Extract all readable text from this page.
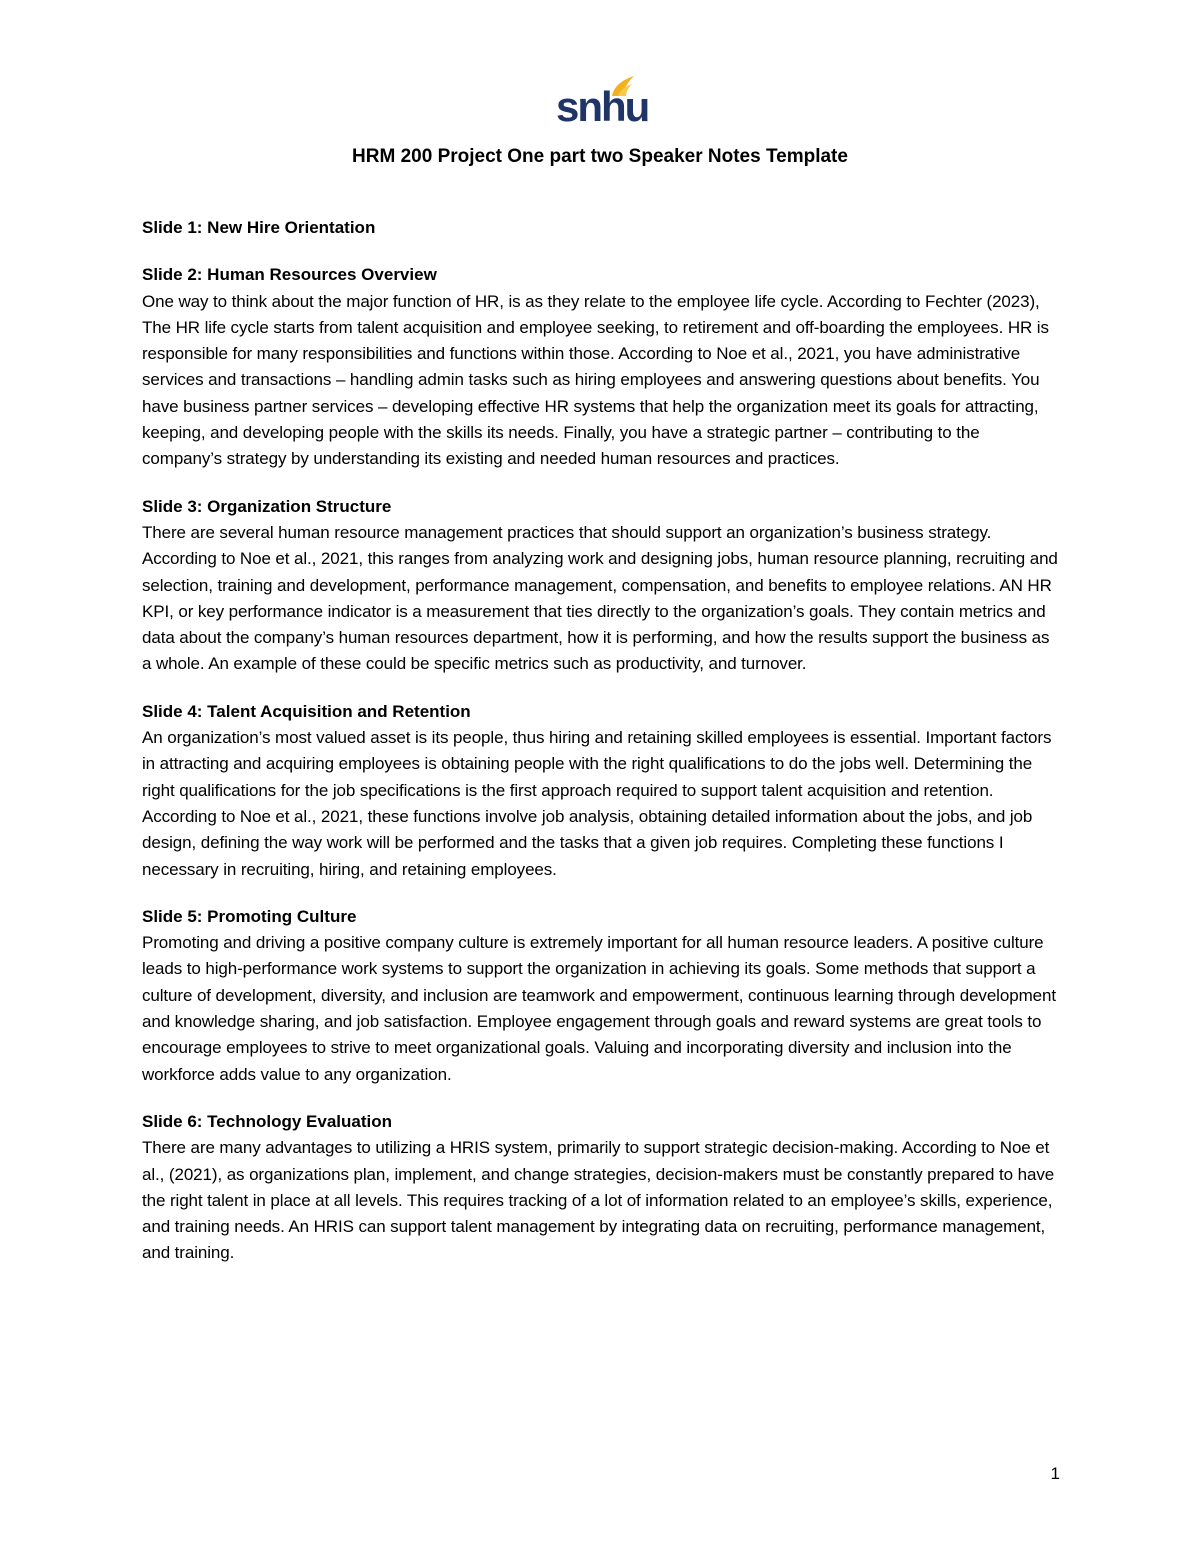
snhu
HRM 200 Project One part two Speaker Notes Template

Slide 1: New Hire Orientation

Slide 2: Human Resources Overview

One way to think about the major function of HR, is as they relate to the employee life cycle. According to Fechter (2023), The HR life cycle starts from talent acquisition and employee seeking, to retirement and off-boarding the employees. HR is responsible for many responsibilities and functions within those. According to Noe et al., 2021, you have administrative services and transactions – handling admin tasks such as hiring employees and answering questions about benefits. You have business partner services – developing effective HR systems that help the organization meet its goals for attracting, keeping, and developing people with the skills its needs. Finally, you have a strategic partner – contributing to the company’s strategy by understanding its existing and needed human resources and practices.

Slide 3: Organization Structure

There are several human resource management practices that should support an organization’s business strategy. According to Noe et al., 2021, this ranges from analyzing work and designing jobs, human resource planning, recruiting and selection, training and development, performance management, compensation, and benefits to employee relations. AN HR KPI, or key performance indicator is a measurement that ties directly to the organization’s goals. They contain metrics and data about the company’s human resources department, how it is performing, and how the results support the business as a whole. An example of these could be specific metrics such as productivity, and turnover.

Slide 4: Talent Acquisition and Retention

An organization’s most valued asset is its people, thus hiring and retaining skilled employees is essential. Important factors in attracting and acquiring employees is obtaining people with the right qualifications to do the jobs well. Determining the right qualifications for the job specifications is the first approach required to support talent acquisition and retention. According to Noe et al., 2021, these functions involve job analysis, obtaining detailed information about the jobs, and job design, defining the way work will be performed and the tasks that a given job requires. Completing these functions I necessary in recruiting, hiring, and retaining employees.

Slide 5: Promoting Culture

Promoting and driving a positive company culture is extremely important for all human resource leaders. A positive culture leads to high-performance work systems to support the organization in achieving its goals. Some methods that support a culture of development, diversity, and inclusion are teamwork and empowerment, continuous learning through development and knowledge sharing, and job satisfaction. Employee engagement through goals and reward systems are great tools to encourage employees to strive to meet organizational goals. Valuing and incorporating diversity and inclusion into the workforce adds value to any organization.

Slide 6: Technology Evaluation

There are many advantages to utilizing a HRIS system, primarily to support strategic decision-making. According to Noe et al., (2021), as organizations plan, implement, and change strategies, decision-makers must be constantly prepared to have the right talent in place at all levels. This requires tracking of a lot of information related to an employee’s skills, experience, and training needs. An HRIS can support talent management by integrating data on recruiting, performance management, and training.

1
